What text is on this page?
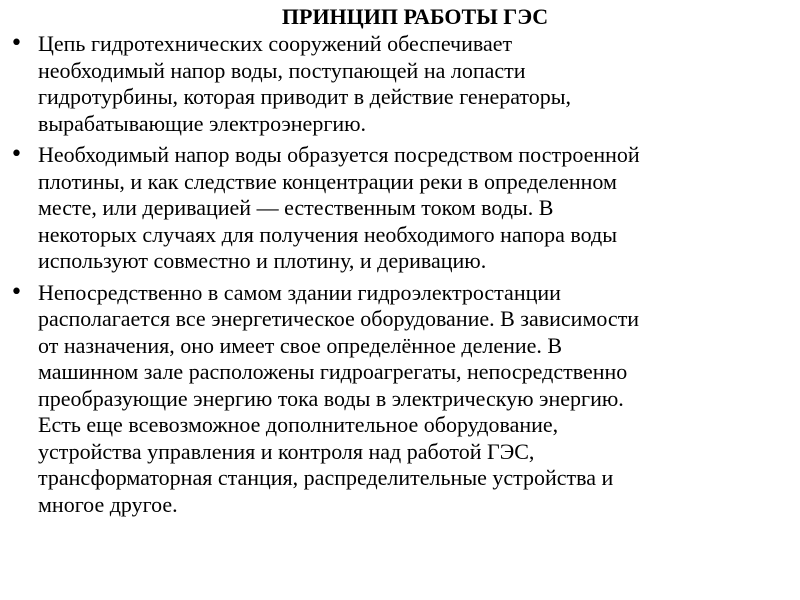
ПРИНЦИП РАБОТЫ ГЭС
• Цепь гидротехнических сооружений обеспечивает
необходимый напор воды, поступающей на лопасти
гидротурбины, которая приводит в действие генераторы,
вырабатывающие электроэнергию.
• Необходимый напор воды образуется посредством построенной
плотины, и как следствие концентрации реки в определенном
месте, или деривацией — естественным током воды. В
некоторых случаях для получения необходимого напора воды
используют совместно и плотину, и деривацию.
• Непосредственно в самом здании гидроэлектростанции
располагается все энергетическое оборудование. В зависимости
от назначения, оно имеет свое определённое деление. В
машинном зале расположены гидроагрегаты, непосредственно
преобразующие энергию тока воды в электрическую энергию.
Есть еще всевозможное дополнительное оборудование,
устройства управления и контроля над работой ГЭС,
трансформаторная станция, распределительные устройства и
многое другое.
